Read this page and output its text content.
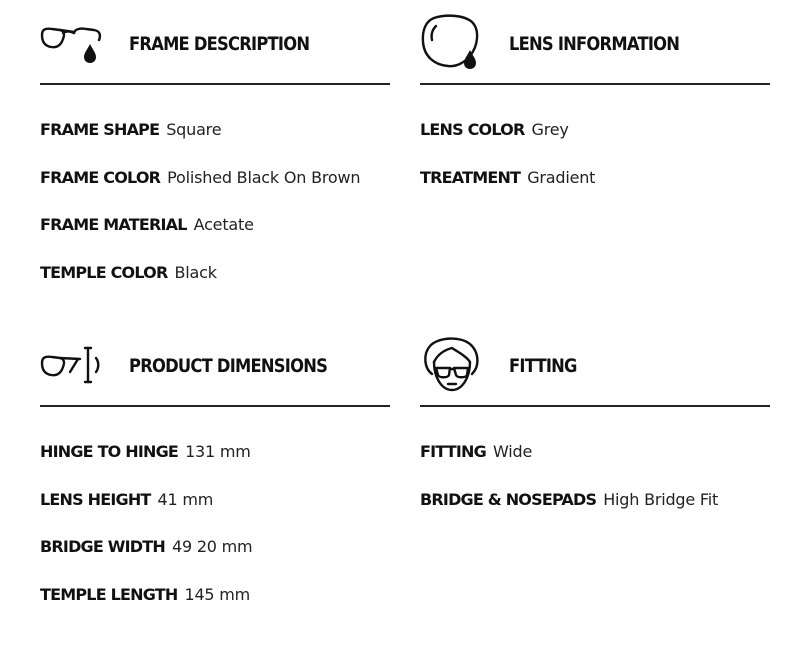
FRAME DESCRIPTION
FRAME SHAPE Square
FRAME COLOR Polished Black On Brown
FRAME MATERIAL Acetate
TEMPLE COLOR Black
LENS INFORMATION
LENS COLOR Grey
TREATMENT Gradient
PRODUCT DIMENSIONS
HINGE TO HINGE 131 mm
LENS HEIGHT 41 mm
BRIDGE WIDTH 49 20 mm
TEMPLE LENGTH 145 mm
FITTING
FITTING Wide
BRIDGE & NOSEPADS High Bridge Fit
